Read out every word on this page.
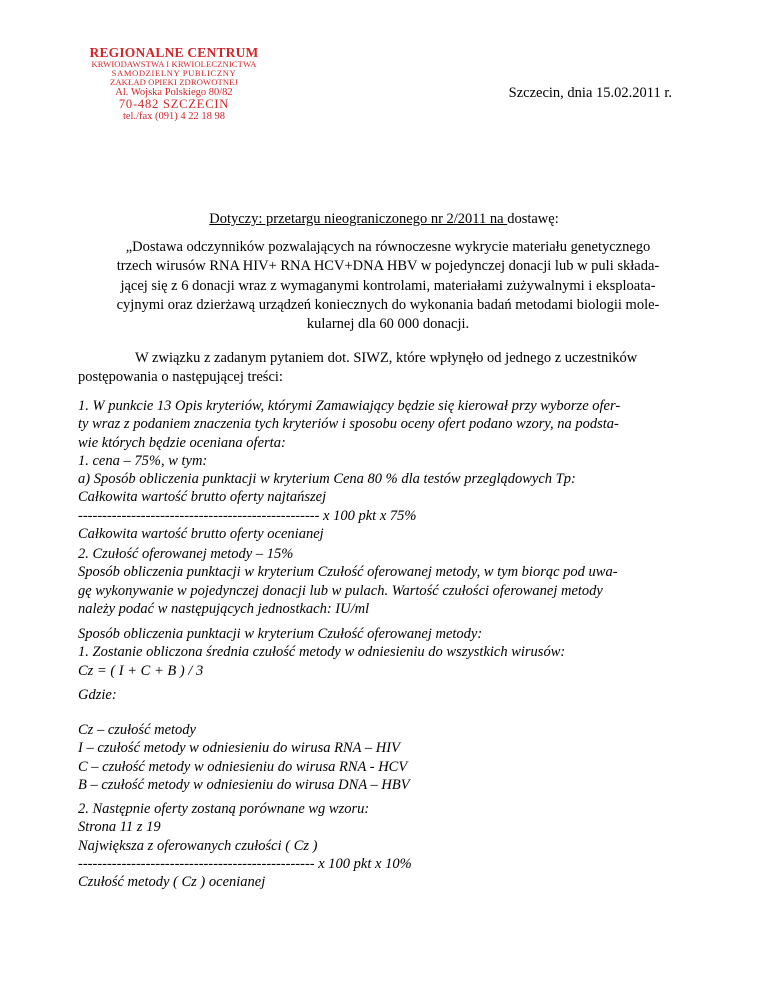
REGIONALNE CENTRUM
KRWIODAWSTWA I KRWIOLECZNICTWA
SAMODZIELNY PUBLICZNY
ZAKŁAD OPIEKI ZDROWOTNEJ
Al. Wojska Polskiego 80/82
70-482 SZCZECIN
tel./fax (091) 4 22 18 98
Szczecin, dnia 15.02.2011 r.
Dotyczy: przetargu nieograniczonego nr 2/2011 na dostawę:
„Dostawa odczynników pozwalających na równoczesne wykrycie materiału genetycznego
trzech wirusów RNA HIV+ RNA HCV+DNA HBV w pojedynczej donacji lub w puli składa-
jącej się z 6 donacji wraz z wymaganymi kontrolami, materiałami zużywalnymi i eksploata-
cyjnymi oraz dzierżawą urządzeń koniecznych do wykonania badań metodami biologii mole-
kularnej dla 60 000 donacji.
W związku z zadanym pytaniem dot. SIWZ, które wpłynęło od jednego z uczestników
postępowania o następującej treści:
1. W punkcie 13 Opis kryteriów, którymi Zamawiający będzie się kierował przy wyborze ofer-
ty wraz z podaniem znaczenia tych kryteriów i sposobu oceny ofert podano wzory, na podsta-
wie których będzie oceniana oferta:
1. cena – 75%, w tym:
a) Sposób obliczenia punktacji w kryterium Cena 80 % dla testów przeglądowych Tp:
Całkowita wartość brutto oferty najtańszej
-------------------------------------------------- x 100 pkt x 75%
Całkowita wartość brutto oferty ocenianej
2. Czułość oferowanej metody – 15%
Sposób obliczenia punktacji w kryterium Czułość oferowanej metody, w tym biorąc pod uwa-
gę wykonywanie w pojedynczej donacji lub w pulach. Wartość czułości oferowanej metody
należy podać w następujących jednostkach: IU/ml
Sposób obliczenia punktacji w kryterium Czułość oferowanej metody:
1. Zostanie obliczona średnia czułość metody w odniesieniu do wszystkich wirusów:
Cz = ( I + C + B ) / 3
Gdzie:
Cz – czułość metody
I – czułość metody w odniesieniu do wirusa RNA – HIV
C – czułość metody w odniesieniu do wirusa RNA - HCV
B – czułość metody w odniesieniu do wirusa DNA – HBV
2. Następnie oferty zostaną porównane wg wzoru:
Strona 11 z 19
Największa z oferowanych czułości ( Cz )
------------------------------------------------- x 100 pkt x 10%
Czułość metody ( Cz ) ocenianej
